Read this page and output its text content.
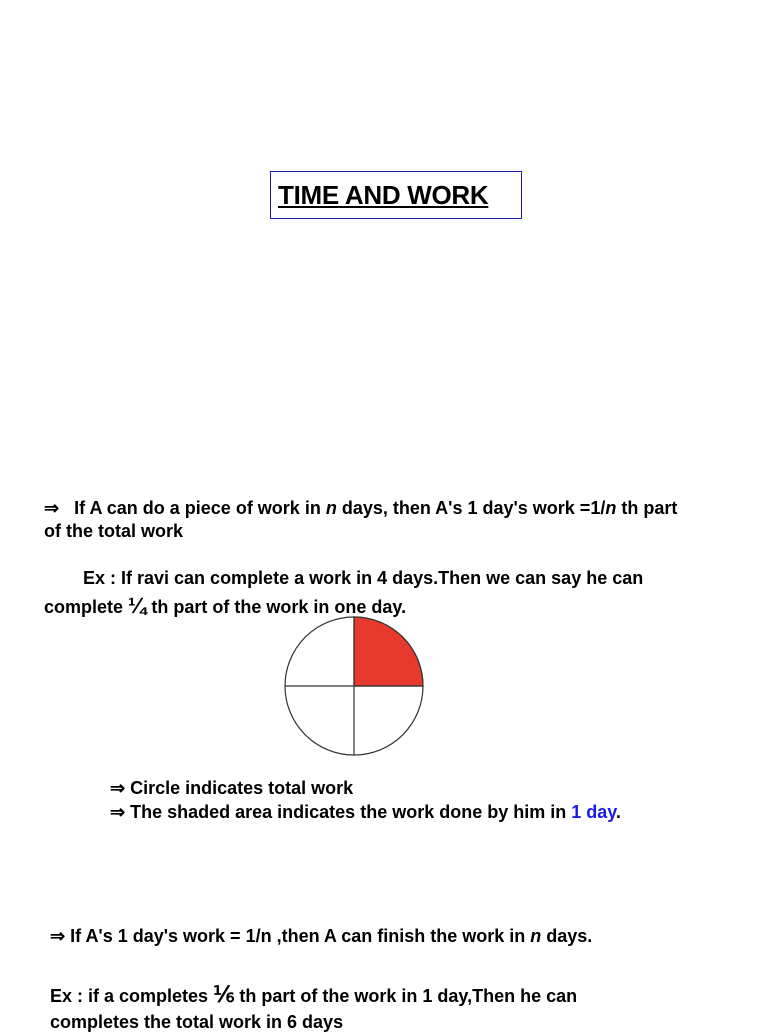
TIME AND WORK
⇒ If A can do a piece of work in n days, then A's 1 day's work =1/n th part
of the total work
Ex : If ravi can complete a work in 4 days.Then we can say he can
complete ¼ th part of the work in one day.
⇒ Circle indicates total work
⇒ The shaded area indicates the work done by him in 1 day.
⇒ If A's 1 day's work = 1/n ,then A can finish the work in n days.
Ex : if a completes ⅙ th part of the work in 1 day,Then he can
completes the total work in 6 days
